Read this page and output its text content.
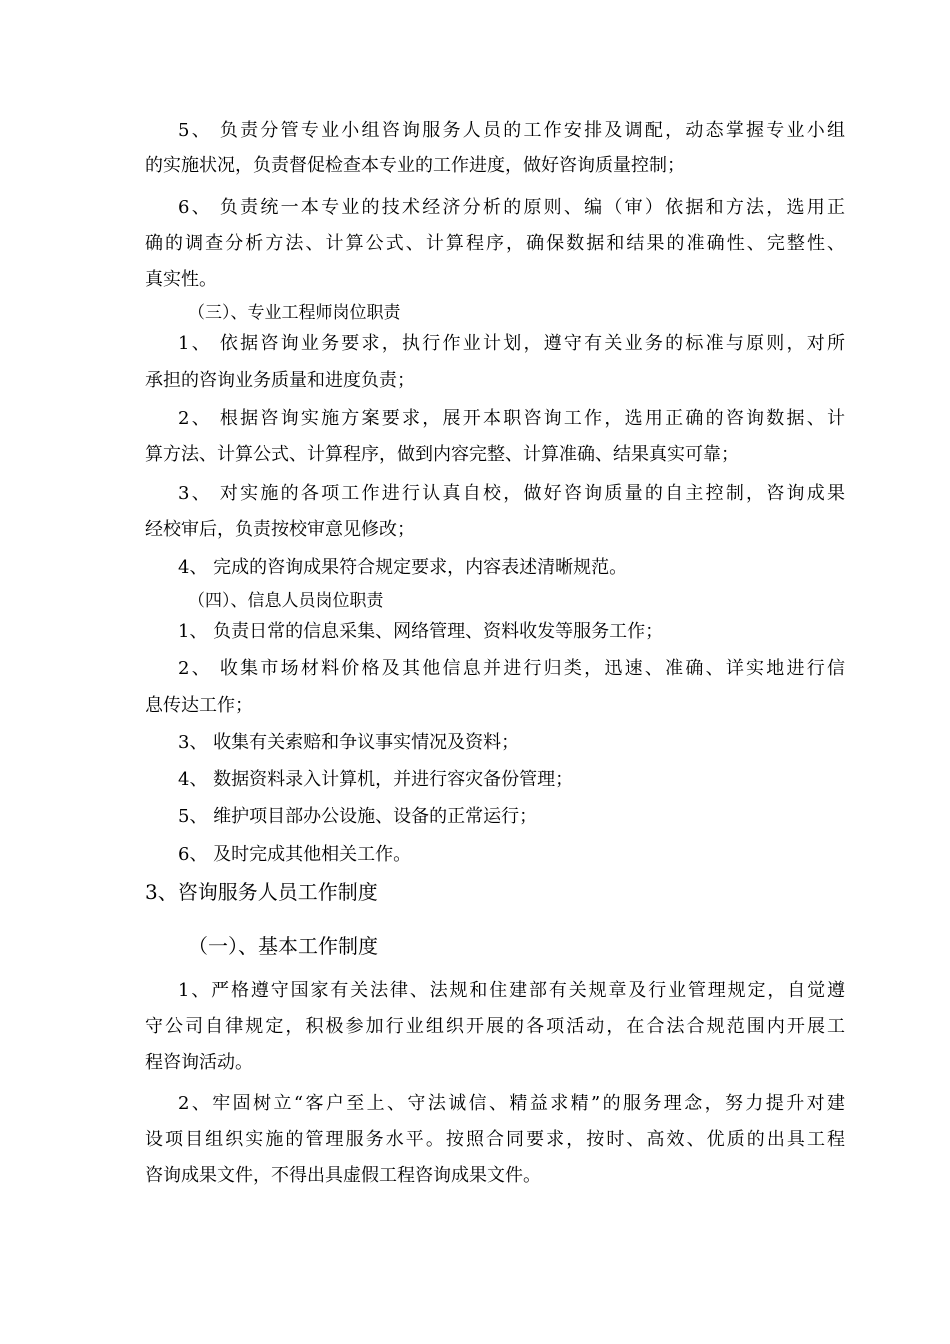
5、 负责分管专业小组咨询服务人员的工作安排及调配，动态掌握专业小组

的实施状况，负责督促检查本专业的工作进度，做好咨询质量控制；

6、 负责统一本专业的技术经济分析的原则、编（审）依据和方法，选用正

确的调查分析方法、计算公式、计算程序，确保数据和结果的准确性、完整性、

真实性。

（三）、专业工程师岗位职责

1、 依据咨询业务要求，执行作业计划，遵守有关业务的标准与原则，对所

承担的咨询业务质量和进度负责；

2、 根据咨询实施方案要求，展开本职咨询工作，选用正确的咨询数据、计

算方法、计算公式、计算程序，做到内容完整、计算准确、结果真实可靠；

3、 对实施的各项工作进行认真自校，做好咨询质量的自主控制，咨询成果

经校审后，负责按校审意见修改；

4、 完成的咨询成果符合规定要求，内容表述清晰规范。

（四）、信息人员岗位职责

1、 负责日常的信息采集、网络管理、资料收发等服务工作；

2、 收集市场材料价格及其他信息并进行归类，迅速、准确、详实地进行信

息传达工作；

3、 收集有关索赔和争议事实情况及资料；

4、 数据资料录入计算机，并进行容灾备份管理；

5、 维护项目部办公设施、设备的正常运行；

6、 及时完成其他相关工作。

3、咨询服务人员工作制度

（一）、基本工作制度

1、严格遵守国家有关法律、法规和住建部有关规章及行业管理规定，自觉遵

守公司自律规定，积极参加行业组织开展的各项活动，在合法合规范围内开展工

程咨询活动。

2、牢固树立“客户至上、守法诚信、精益求精”的服务理念，努力提升对建

设项目组织实施的管理服务水平。按照合同要求，按时、高效、优质的出具工程

咨询成果文件，不得出具虚假工程咨询成果文件。
